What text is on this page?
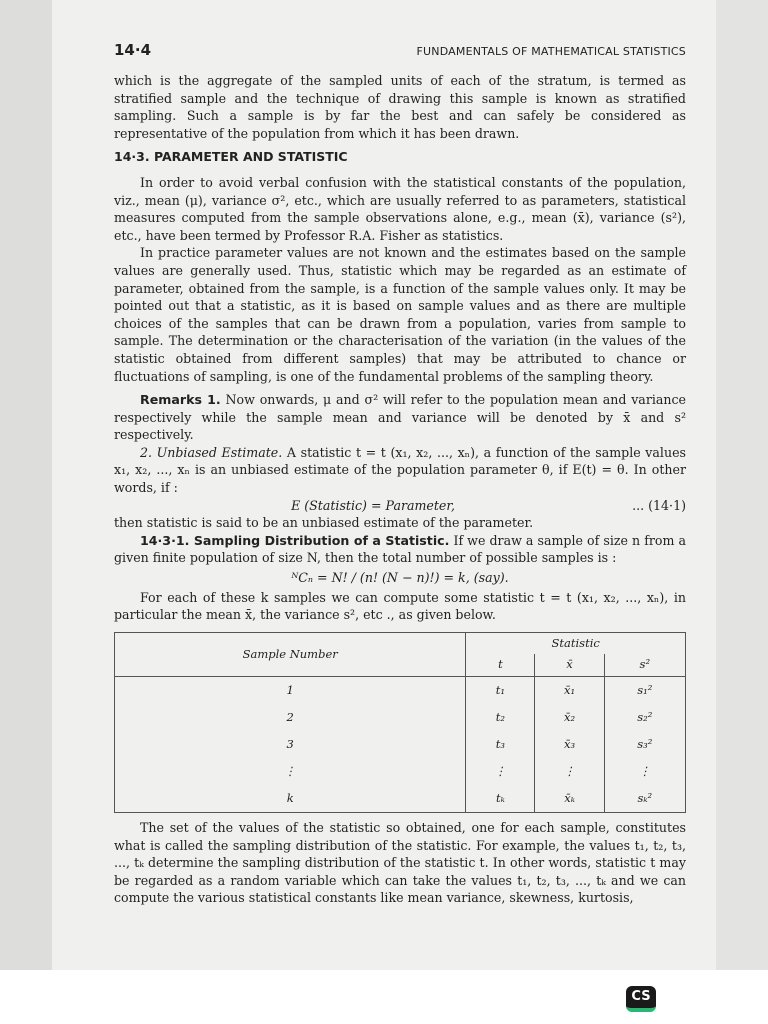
14·4	FUNDAMENTALS OF MATHEMATICAL STATISTICS

which is the aggregate of the sampled units of each of the stratum, is termed as stratified sample and the technique of drawing this sample is known as stratified sampling. Such a sample is by far the best and can safely be considered as representative of the population from which it has been drawn.

14·3. PARAMETER AND STATISTIC

In order to avoid verbal confusion with the statistical constants of the population, viz., mean (μ), variance σ², etc., which are usually referred to as parameters, statistical measures computed from the sample observations alone, e.g., mean (x̄), variance (s²), etc., have been termed by Professor R.A. Fisher as statistics.

In practice parameter values are not known and the estimates based on the sample values are generally used. Thus, statistic which may be regarded as an estimate of parameter, obtained from the sample, is a function of the sample values only. It may be pointed out that a statistic, as it is based on sample values and as there are multiple choices of the samples that can be drawn from a population, varies from sample to sample. The determination or the characterisation of the variation (in the values of the statistic obtained from different samples) that may be attributed to chance or fluctuations of sampling, is one of the fundamental problems of the sampling theory.

Remarks 1. Now onwards, μ and σ² will refer to the population mean and variance respectively while the sample mean and variance will be denoted by x̄ and s² respectively.

2. Unbiased Estimate. A statistic t = t (x₁, x₂, ..., xₙ), a function of the sample values x₁, x₂, ..., xₙ is an unbiased estimate of the population parameter θ, if E(t) = θ. In other words, if :

E (Statistic) = Parameter,	... (14·1)

then statistic is said to be an unbiased estimate of the parameter.

14·3·1. Sampling Distribution of a Statistic. If we draw a sample of size n from a given finite population of size N, then the total number of possible samples is :

ᴺCₙ = N! / (n! (N − n)!) = k, (say).

For each of these k samples we can compute some statistic t = t (x₁, x₂, ..., xₙ), in particular the mean x̄, the variance s², etc ., as given below.

Sample Number	Statistic		
	t	x̄	s²
1	t₁	x̄₁	s₁²
2	t₂	x̄₂	s₂²
3	t₃	x̄₃	s₃²
⋮	⋮	⋮	⋮
k	tₖ	x̄ₖ	sₖ²

The set of the values of the statistic so obtained, one for each sample, constitutes what is called the sampling distribution of the statistic. For example, the values t₁, t₂, t₃, ..., tₖ determine the sampling distribution of the statistic t. In other words, statistic t may be regarded as a random variable which can take the values t₁, t₂, t₃, ..., tₖ and we can compute the various statistical constants like mean variance, skewness, kurtosis,

CS
